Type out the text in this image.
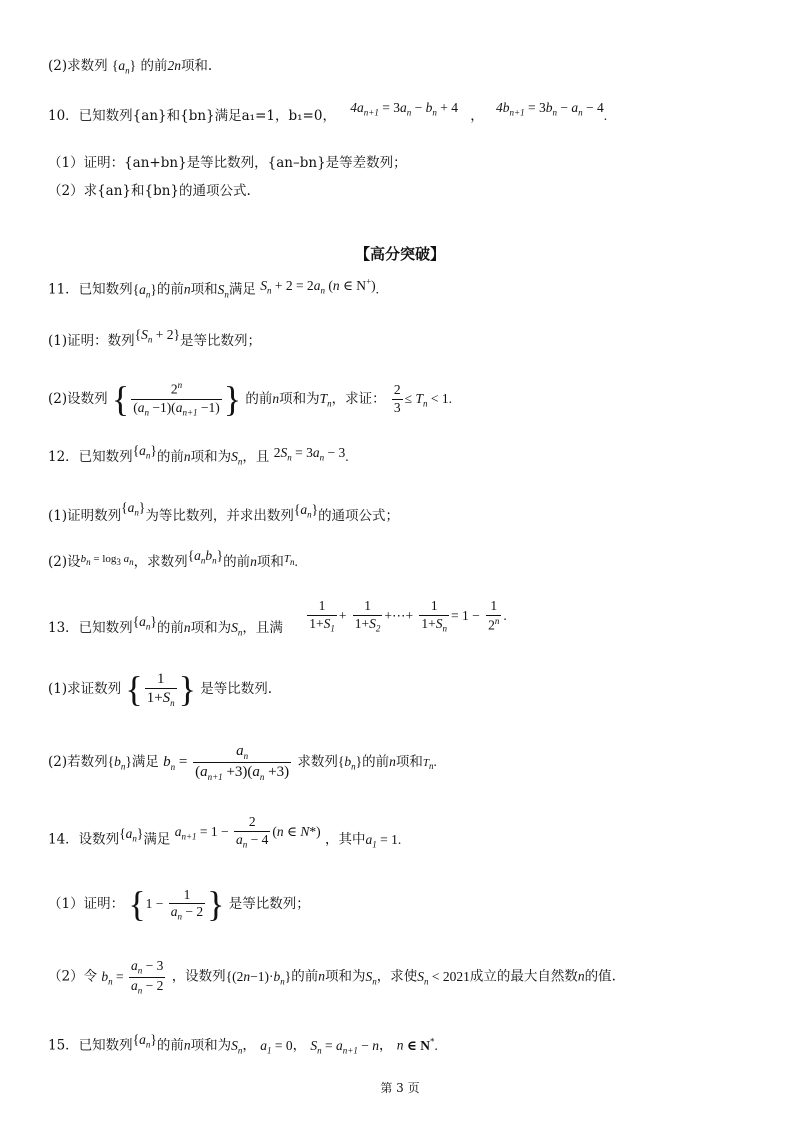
(2)求数列 $\{a_n\}$ 的前2n项和.
10．已知数列{an}和{bn}满足a₁=1，b₁=0， $4a_{n+1} = 3a_n - b_n + 4$ ， $4b_{n+1} = 3b_n - a_n - 4$.
（1）证明：{an+bn}是等比数列，{an–bn}是等差数列；
（2）求{an}和{bn}的通项公式.
【高分突破】
11．已知数列$\{a_n\}$的前n项和$S_n$满足 $S_n + 2 = 2a_n$ (n ∈ N+).
(1)证明：数列$\{S_n + 2\}$是等比数列；
(2)设数列 { $\frac{2^n}{(a_n -1)(a_{n+1} -1)}$ } 的前n项和为$T_n$，求证： $\frac{2}{3} \le T_n < 1$.
12．已知数列$\{a_n\}$的前n项和为$S_n$，且 $2S_n = 3a_n - 3$.
(1)证明数列$\{a_n\}$为等比数列，并求出数列$\{a_n\}$的通项公式；
(2)设$^{b_n = log_3 a_n}$，求数列$\{a_nb_n\}$的前n项和$^{T_n}$.
13．已知数列$\{a_n\}$的前n项和为$S_n$，且满 $\frac{1}{1+S_1} + \frac{1}{1+S_2}$ +⋯+ $\frac{1}{1+S_n} = 1 - \frac{1}{2^n}$ .
(1)求证数列 { $\frac{1}{1+S_n}$ } 是等比数列.
(2)若数列$\{b_n\}$满足 $b_n = \frac{a_n}{(a_{n+1} +3)(a_n +3)}$ 求数列$\{b_n\}$的前n项和$T_n$.
14．设数列$\{a_n\}$满足 $a_{n+1} = 1 - \frac{2}{a_n - 4} (n$ ∈ N*) ，其中$a_1 = 1$.
（1）证明： {$1 - \frac{1}{a_n - 2}$ } 是等比数列；
（2）令 $b_n = \frac{a_n - 3}{a_n - 2}$ ，设数列$\{(2n-1)\cdot b_n\}$的前n项和为$S_n$，求使$S_n < 2021$成立的最大自然数n的值.
15．已知数列$\{a_n\}$的前n项和为$S_n$， $a_1 = 0$， $S_n = a_{n+1} - n$， n ∈ N*.
第 3 页
